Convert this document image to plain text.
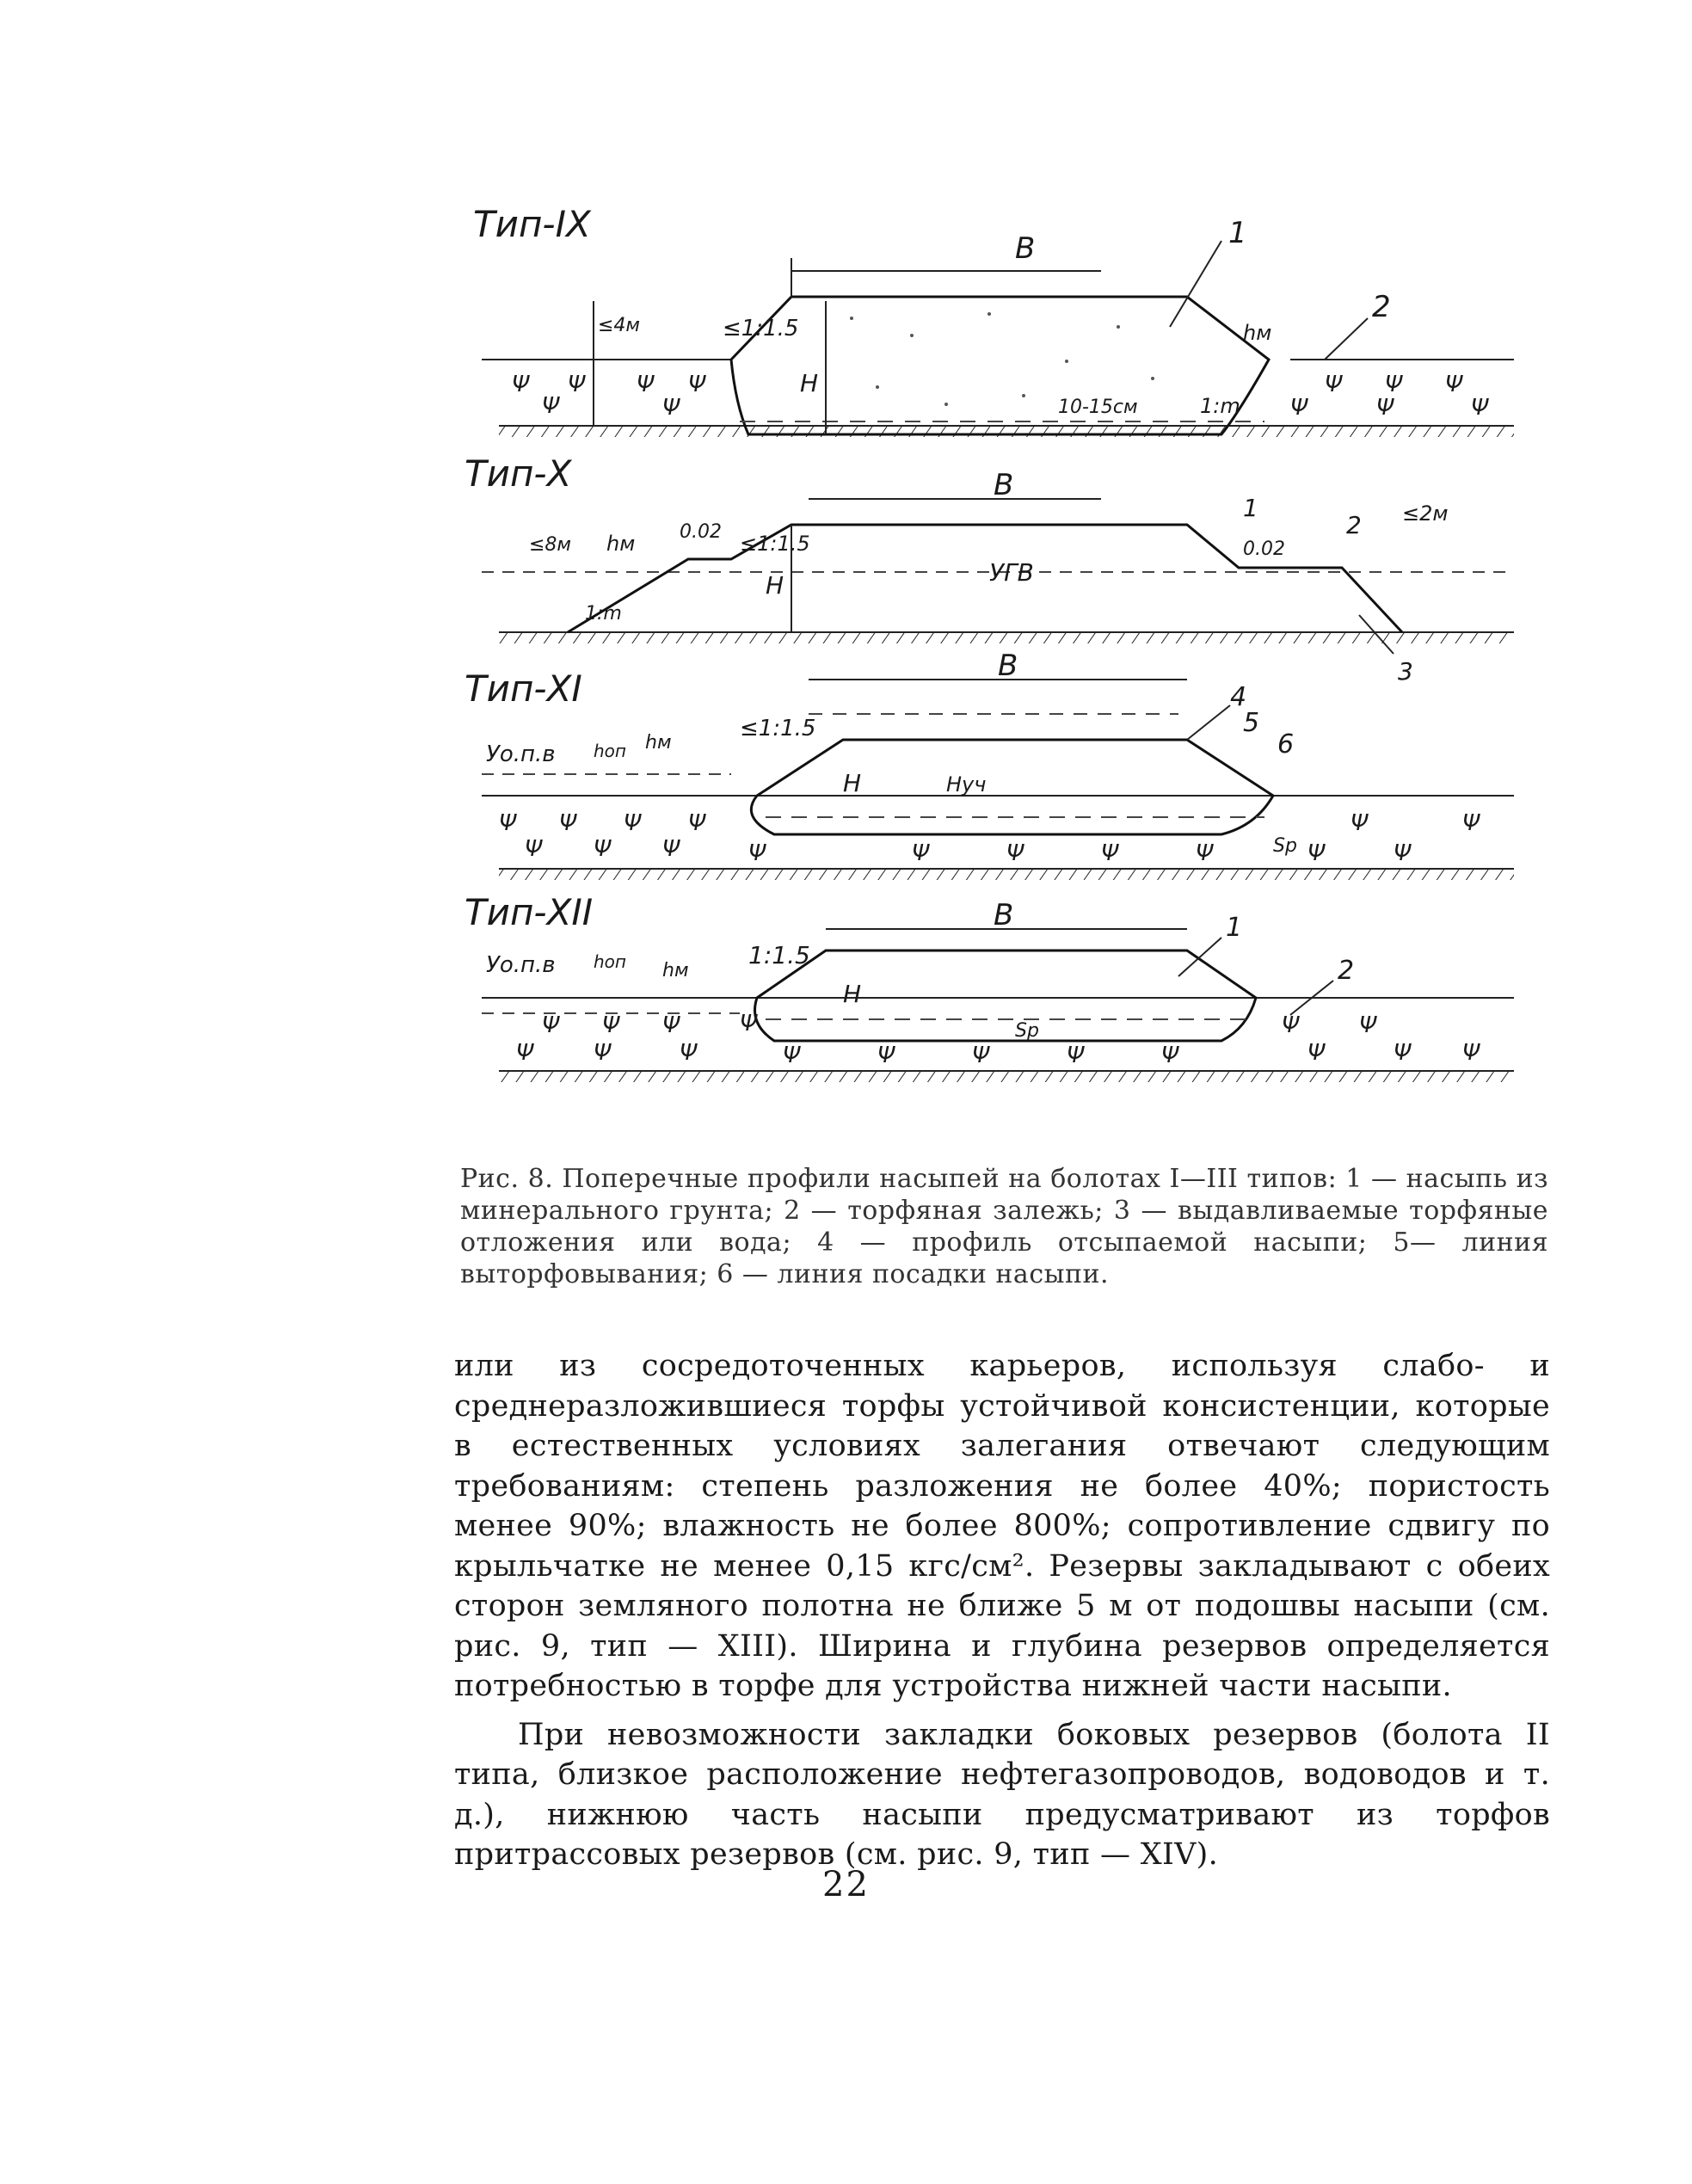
Тип-IX
B
H
≤4м	≤1:1.5
10-15см	1:m
hм
1
2
Ψ Ψ Ψ Ψ
Ψ	Ψ
Ψ Ψ Ψ
Ψ	Ψ	Ψ
Тип-X	B
≤8м hм 0.02 ≤1:1.5
H	УГВ
0.02
≤2м
1:m
1
2
3
Тип-XI
B
Уо.п.в hоп hм
≤1:1.5
H	Hуч
Sр
4
5
6
Ψ Ψ Ψ Ψ
Ψ Ψ Ψ	Ψ	Ψ	Ψ	Ψ	Ψ
Ψ	Ψ
Ψ	Ψ
Тип-XII	B
Уо.п.в hоп hм
1:1.5
H
Sр
1
2
Ψ Ψ Ψ	Ψ
Ψ	Ψ	Ψ	Ψ	Ψ	Ψ	Ψ	Ψ
Ψ	Ψ
Ψ	Ψ Ψ
Рис. 8. Поперечные профили насыпей на болотах I—III типов: 1 — насыпь из минерального грунта; 2 — торфяная залежь; 3 — выдавливаемые торфяные отложения или вода; 4 — профиль отсыпаемой насыпи; 5— линия выторфовывания; 6 — линия посадки насыпи.

или из сосредоточенных карьеров, используя слабо- и среднеразложившиеся торфы устойчивой консистенции, которые в естественных условиях залегания отвечают следующим требованиям: степень разложения не более 40%; пористость менее 90%; влажность не более 800%; сопротивление сдвигу по крыльчатке не менее 0,15 кгс/см². Резервы закладывают с обеих сторон земляного полотна не ближе 5 м от подошвы насыпи (см. рис. 9, тип — XIII). Ширина и глубина резервов определяется потребностью в торфе для устройства нижней части насыпи.

При невозможности закладки боковых резервов (болота II типа, близкое расположение нефтегазопроводов, водоводов и т. д.), нижнюю часть насыпи предусматривают из торфов притрассовых резервов (см. рис. 9, тип — XIV).

22
